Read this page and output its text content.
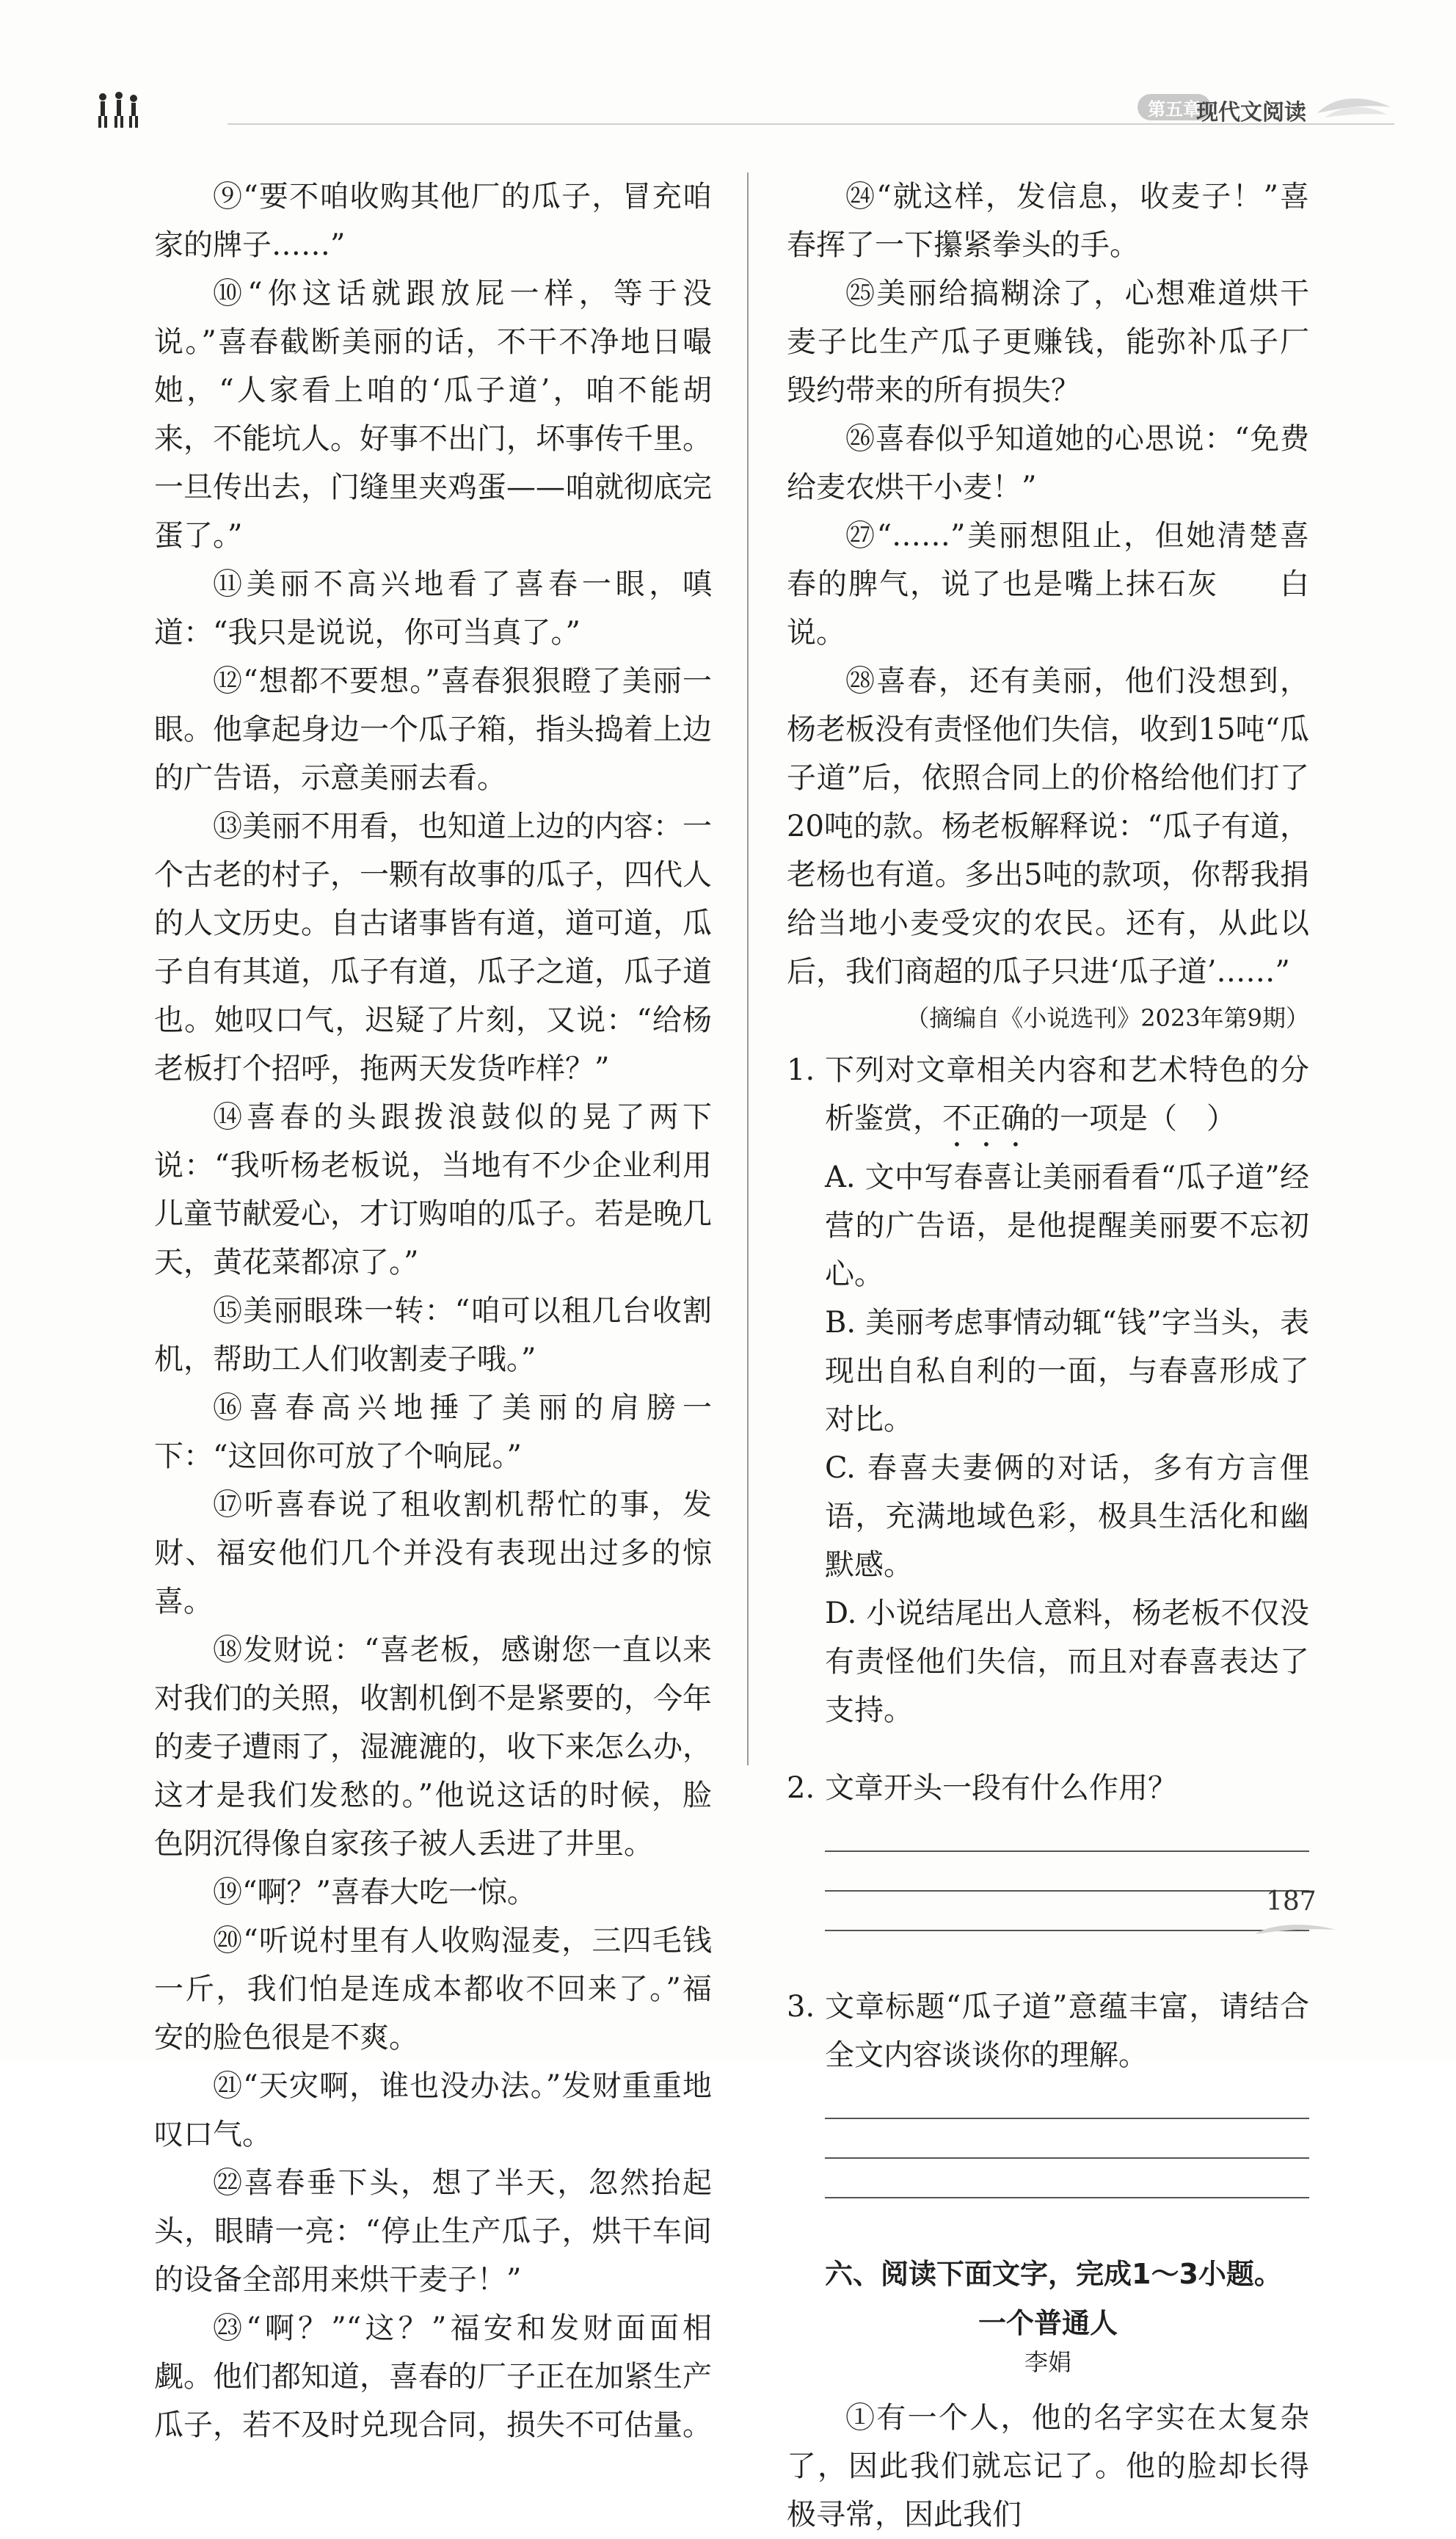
第五章
现代文阅读

⑨“要不咱收购其他厂的瓜子，冒充咱家的牌子……”

⑩“你这话就跟放屁一样，等于没说。”喜春截断美丽的话，不干不净地日嘬她，“人家看上咱的‘瓜子道’，咱不能胡来，不能坑人。好事不出门，坏事传千里。一旦传出去，门缝里夹鸡蛋——咱就彻底完蛋了。”

⑪美丽不高兴地看了喜春一眼，嗔道：“我只是说说，你可当真了。”

⑫“想都不要想。”喜春狠狠瞪了美丽一眼。他拿起身边一个瓜子箱，指头捣着上边的广告语，示意美丽去看。

⑬美丽不用看，也知道上边的内容：一个古老的村子，一颗有故事的瓜子，四代人的人文历史。自古诸事皆有道，道可道，瓜子自有其道，瓜子有道，瓜子之道，瓜子道也。她叹口气，迟疑了片刻，又说：“给杨老板打个招呼，拖两天发货咋样？”

⑭喜春的头跟拨浪鼓似的晃了两下说：“我听杨老板说，当地有不少企业利用儿童节献爱心，才订购咱的瓜子。若是晚几天，黄花菜都凉了。”

⑮美丽眼珠一转：“咱可以租几台收割机，帮助工人们收割麦子哦。”

⑯喜春高兴地捶了美丽的肩膀一下：“这回你可放了个响屁。”

⑰听喜春说了租收割机帮忙的事，发财、福安他们几个并没有表现出过多的惊喜。

⑱发财说：“喜老板，感谢您一直以来对我们的关照，收割机倒不是紧要的，今年的麦子遭雨了，湿漉漉的，收下来怎么办，这才是我们发愁的。”他说这话的时候，脸色阴沉得像自家孩子被人丢进了井里。

⑲“啊？”喜春大吃一惊。

⑳“听说村里有人收购湿麦，三四毛钱一斤，我们怕是连成本都收不回来了。”福安的脸色很是不爽。

㉑“天灾啊，谁也没办法。”发财重重地叹口气。

㉒喜春垂下头，想了半天，忽然抬起头，眼睛一亮：“停止生产瓜子，烘干车间的设备全部用来烘干麦子！”

㉓“啊？”“这？”福安和发财面面相觑。他们都知道，喜春的厂子正在加紧生产瓜子，若不及时兑现合同，损失不可估量。

㉔“就这样，发信息，收麦子！”喜春挥了一下攥紧拳头的手。

㉕美丽给搞糊涂了，心想难道烘干麦子比生产瓜子更赚钱，能弥补瓜子厂毁约带来的所有损失？

㉖喜春似乎知道她的心思说：“免费给麦农烘干小麦！”

㉗“……”美丽想阻止，但她清楚喜春的脾气，说了也是嘴上抹石灰　　白说。

㉘喜春，还有美丽，他们没想到，杨老板没有责怪他们失信，收到15吨“瓜子道”后，依照合同上的价格给他们打了20吨的款。杨老板解释说：“瓜子有道，老杨也有道。多出5吨的款项，你帮我捐给当地小麦受灾的农民。还有，从此以后，我们商超的瓜子只进‘瓜子道’……”

（摘编自《小说选刊》2023年第9期）

1. 下列对文章相关内容和艺术特色的分析鉴赏，不正确的一项是（　）
A. 文中写春喜让美丽看看“瓜子道”经营的广告语，是他提醒美丽要不忘初心。
B. 美丽考虑事情动辄“钱”字当头，表现出自私自利的一面，与春喜形成了对比。
C. 春喜夫妻俩的对话，多有方言俚语，充满地域色彩，极具生活化和幽默感。
D. 小说结尾出人意料，杨老板不仅没有责怪他们失信，而且对春喜表达了支持。
2. 文章开头一段有什么作用？
3. 文章标题“瓜子道”意蕴丰富，请结合全文内容谈谈你的理解。
六、阅读下面文字，完成1～3小题。
一个普通人
李娟

①有一个人，他的名字实在太复杂了，因此我们就忘记了。他的脸却长得极寻常，因此我们

187
